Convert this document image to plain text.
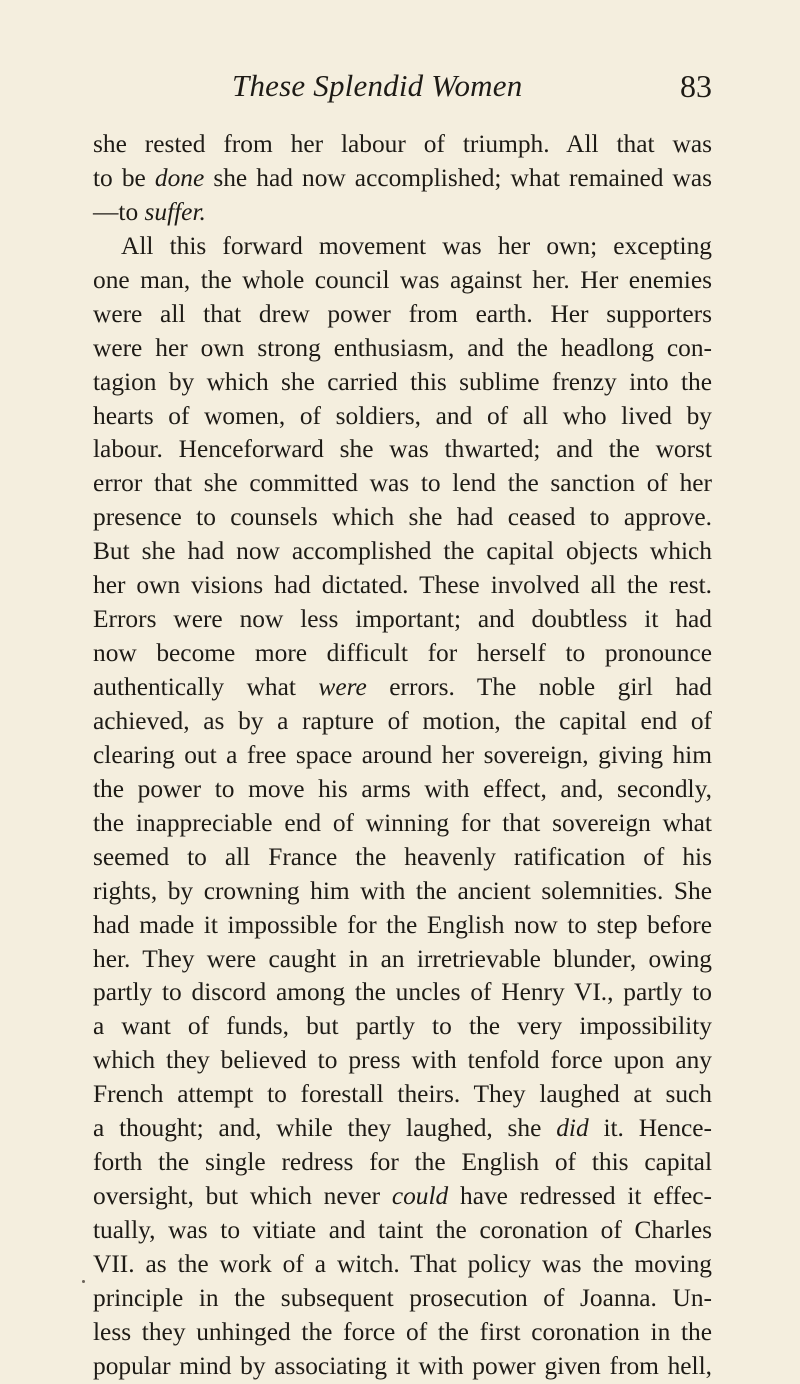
These Splendid Women	83
she rested from her labour of triumph. All that was
to be done she had now accomplished; what remained was
—to suffer.
All this forward movement was her own; excepting
one man, the whole council was against her. Her enemies
were all that drew power from earth. Her supporters
were her own strong enthusiasm, and the headlong con-
tagion by which she carried this sublime frenzy into the
hearts of women, of soldiers, and of all who lived by
labour. Henceforward she was thwarted; and the worst
error that she committed was to lend the sanction of her
presence to counsels which she had ceased to approve.
But she had now accomplished the capital objects which
her own visions had dictated. These involved all the rest.
Errors were now less important; and doubtless it had
now become more difficult for herself to pronounce
authentically what were errors. The noble girl had
achieved, as by a rapture of motion, the capital end of
clearing out a free space around her sovereign, giving him
the power to move his arms with effect, and, secondly,
the inappreciable end of winning for that sovereign what
seemed to all France the heavenly ratification of his
rights, by crowning him with the ancient solemnities. She
had made it impossible for the English now to step before
her. They were caught in an irretrievable blunder, owing
partly to discord among the uncles of Henry VI., partly to
a want of funds, but partly to the very impossibility
which they believed to press with tenfold force upon any
French attempt to forestall theirs. They laughed at such
a thought; and, while they laughed, she did it. Hence-
forth the single redress for the English of this capital
oversight, but which never could have redressed it effec-
tually, was to vitiate and taint the coronation of Charles
VII. as the work of a witch. That policy was the moving
principle in the subsequent prosecution of Joanna. Un-
less they unhinged the force of the first coronation in the
popular mind by associating it with power given from hell,
